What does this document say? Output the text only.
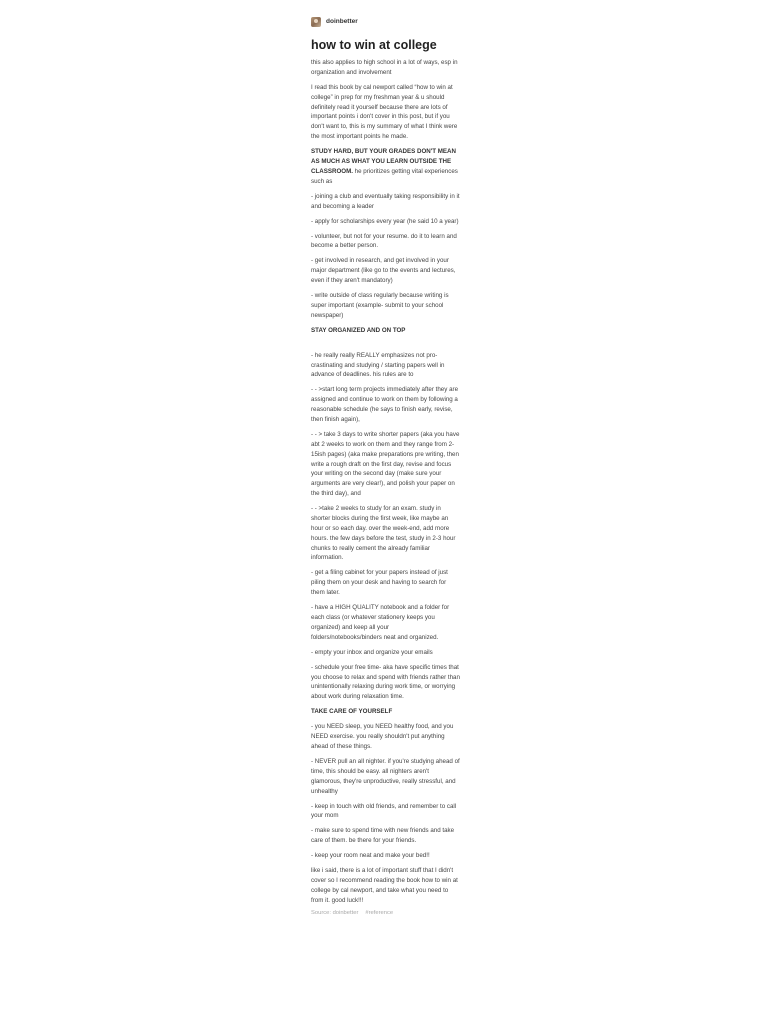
doinbetter
how to win at college

this also applies to high school in a lot of ways, esp in organization and involvement

I read this book by cal newport called “how to win at college” in prep for my freshman year & u should definitely read it yourself because there are lots of important points i don't cover in this post, but if you don't want to, this is my summary of what I think were the most important points he made.

STUDY HARD, BUT YOUR GRADES DON'T MEAN AS MUCH AS WHAT YOU LEARN OUTSIDE THE CLASSROOM. he prioritizes getting vital experiences such as

- joining a club and eventually taking responsibility in it and becoming a leader

- apply for scholarships every year (he said 10 a year)

- volunteer, but not for your resume. do it to learn and become a better person.

- get involved in research, and get involved in your major department (like go to the events and lectures, even if they aren't mandatory)

- write outside of class regularly because writing is super important (example- submit to your school newspaper)

STAY ORGANIZED AND ON TOP

- he really really REALLY emphasizes not pro-crastinating and studying / starting papers well in advance of deadlines. his rules are to

- - >start long term projects immediately after they are assigned and continue to work on them by following a reasonable schedule (he says to finish early, revise, then finish again),

- - > take 3 days to write shorter papers (aka you have abt 2 weeks to work on them and they range from 2-15ish pages) (aka make preparations pre writing, then write a rough draft on the first day, revise and focus your writing on the second day (make sure your arguments are very clear!), and polish your paper on the third day), and

- - >take 2 weeks to study for an exam. study in shorter blocks during the first week, like maybe an hour or so each day. over the week-end, add more hours. the few days before the test, study in 2-3 hour chunks to really cement the already familiar information.

- get a filing cabinet for your papers instead of just piling them on your desk and having to search for them later.

- have a HIGH QUALITY notebook and a folder for each class (or whatever stationery keeps you organized) and keep all your folders/notebooks/binders neat and organized.

- empty your inbox and organize your emails

- schedule your free time- aka have specific times that you choose to relax and spend with friends rather than unintentionally relaxing during work time, or worrying about work during relaxation time.

TAKE CARE OF YOURSELF

- you NEED sleep, you NEED healthy food, and you NEED exercise. you really shouldn't put anything ahead of these things.

- NEVER pull an all nighter. if you're studying ahead of time, this should be easy. all nighters aren't glamorous, they're unproductive, really stressful, and unhealthy

- keep in touch with old friends, and remember to call your mom

- make sure to spend time with new friends and take care of them. be there for your friends.

- keep your room neat and make your bed!!

like i said, there is a lot of important stuff that I didn't cover so I recommend reading the book how to win at college by cal newport, and take what you need to from it. good luck!!!

Source: doinbetter #reference
